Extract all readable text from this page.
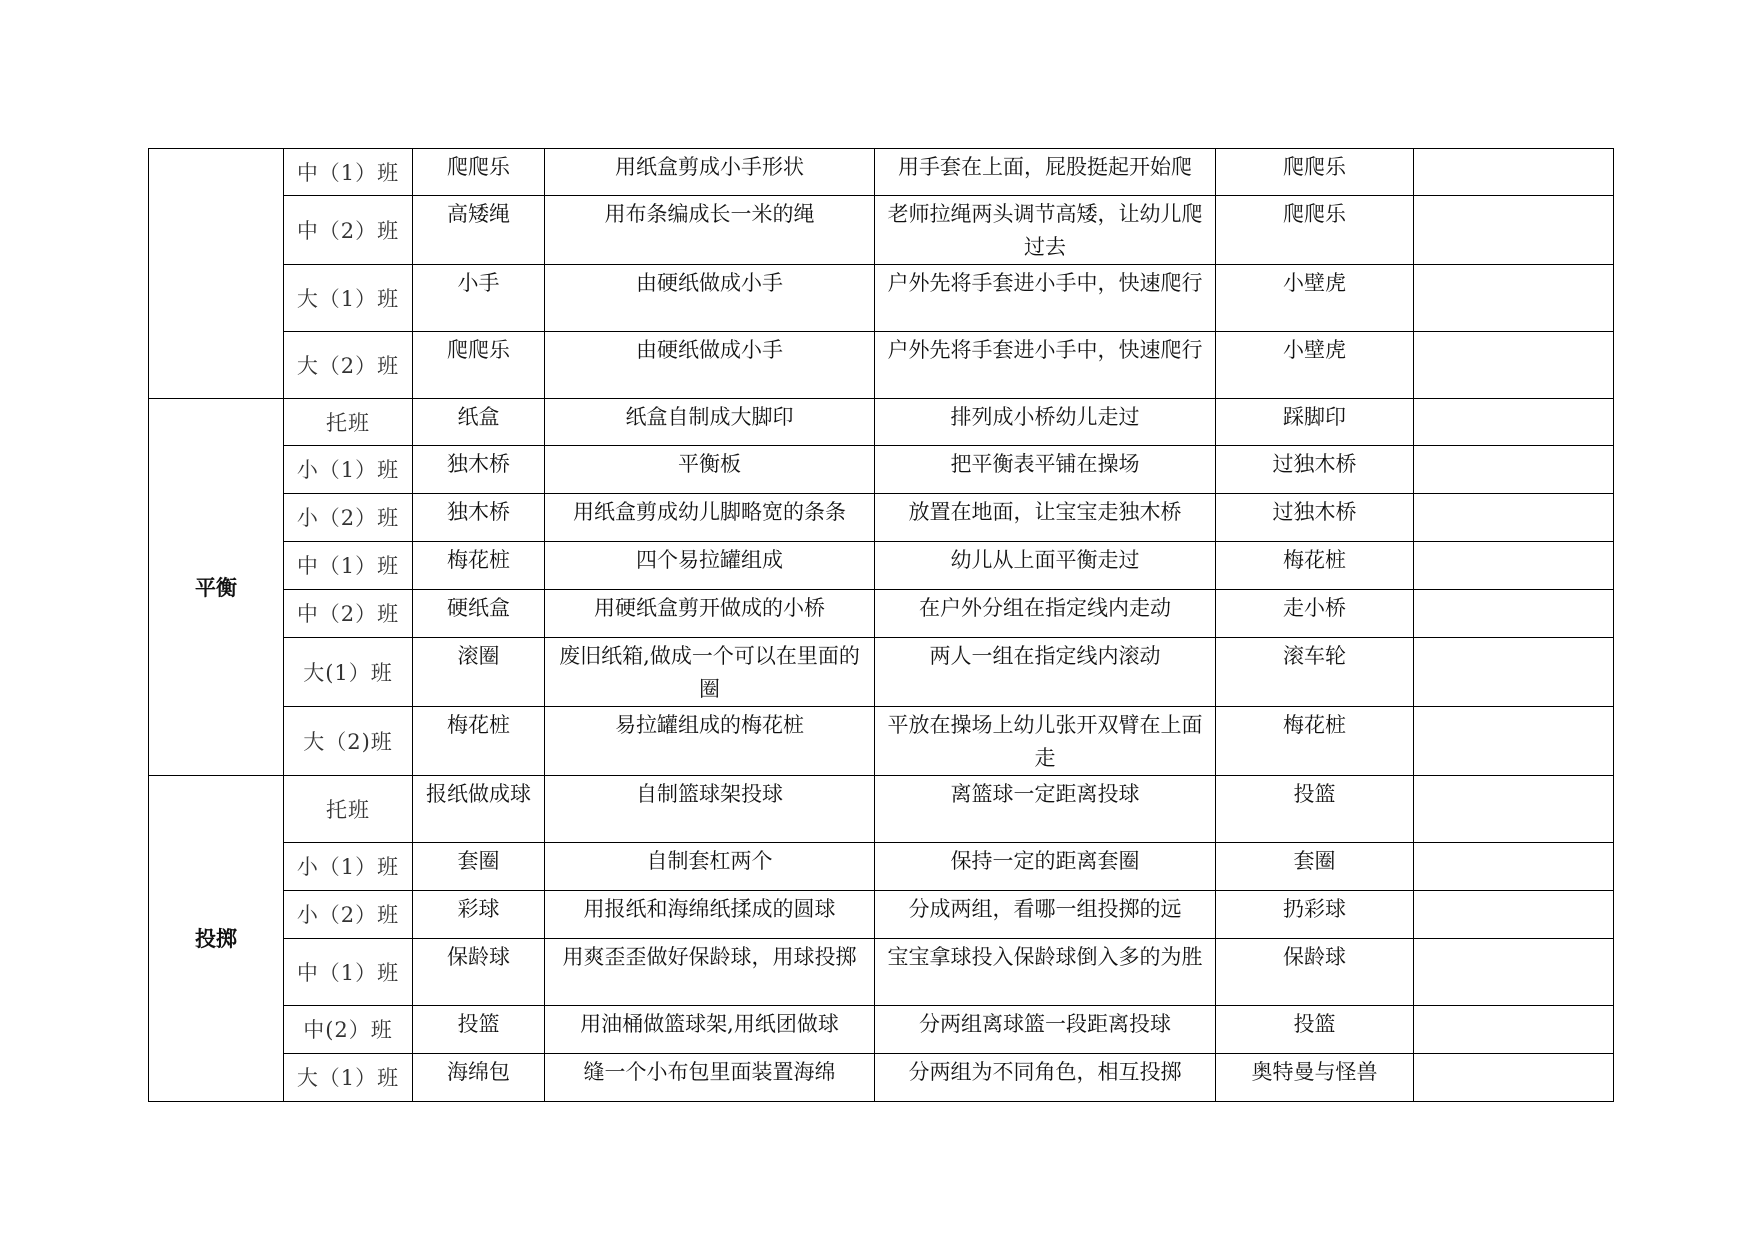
	中（1）班	爬爬乐	用纸盒剪成小手形状	用手套在上面，屁股挺起开始爬	爬爬乐	
	中（2）班	高矮绳	用布条编成长一米的绳	老师拉绳两头调节高矮，让幼儿爬过去	爬爬乐	
	大（1）班	小手	由硬纸做成小手	户外先将手套进小手中，快速爬行	小壁虎	
	大（2）班	爬爬乐	由硬纸做成小手	户外先将手套进小手中，快速爬行	小壁虎	
平衡	托班	纸盒	纸盒自制成大脚印	排列成小桥幼儿走过	踩脚印	
	小（1）班	独木桥	平衡板	把平衡表平铺在操场	过独木桥	
	小（2）班	独木桥	用纸盒剪成幼儿脚略宽的条条	放置在地面，让宝宝走独木桥	过独木桥	
	中（1）班	梅花桩	四个易拉罐组成	幼儿从上面平衡走过	梅花桩	
	中（2）班	硬纸盒	用硬纸盒剪开做成的小桥	在户外分组在指定线内走动	走小桥	
	大(1）班	滚圈	废旧纸箱,做成一个可以在里面的圈	两人一组在指定线内滚动	滚车轮	
	大（2)班	梅花桩	易拉罐组成的梅花桩	平放在操场上幼儿张开双臂在上面走	梅花桩	
投掷	托班	报纸做成球	自制篮球架投球	离篮球一定距离投球	投篮	
	小（1）班	套圈	自制套杠两个	保持一定的距离套圈	套圈	
	小（2）班	彩球	用报纸和海绵纸揉成的圆球	分成两组，看哪一组投掷的远	扔彩球	
	中（1）班	保龄球	用爽歪歪做好保龄球，用球投掷	宝宝拿球投入保龄球倒入多的为胜	保龄球	
	中(2）班	投篮	用油桶做篮球架,用纸团做球	分两组离球篮一段距离投球	投篮	
	大（1）班	海绵包	缝一个小布包里面装置海绵	分两组为不同角色，相互投掷	奥特曼与怪兽	
